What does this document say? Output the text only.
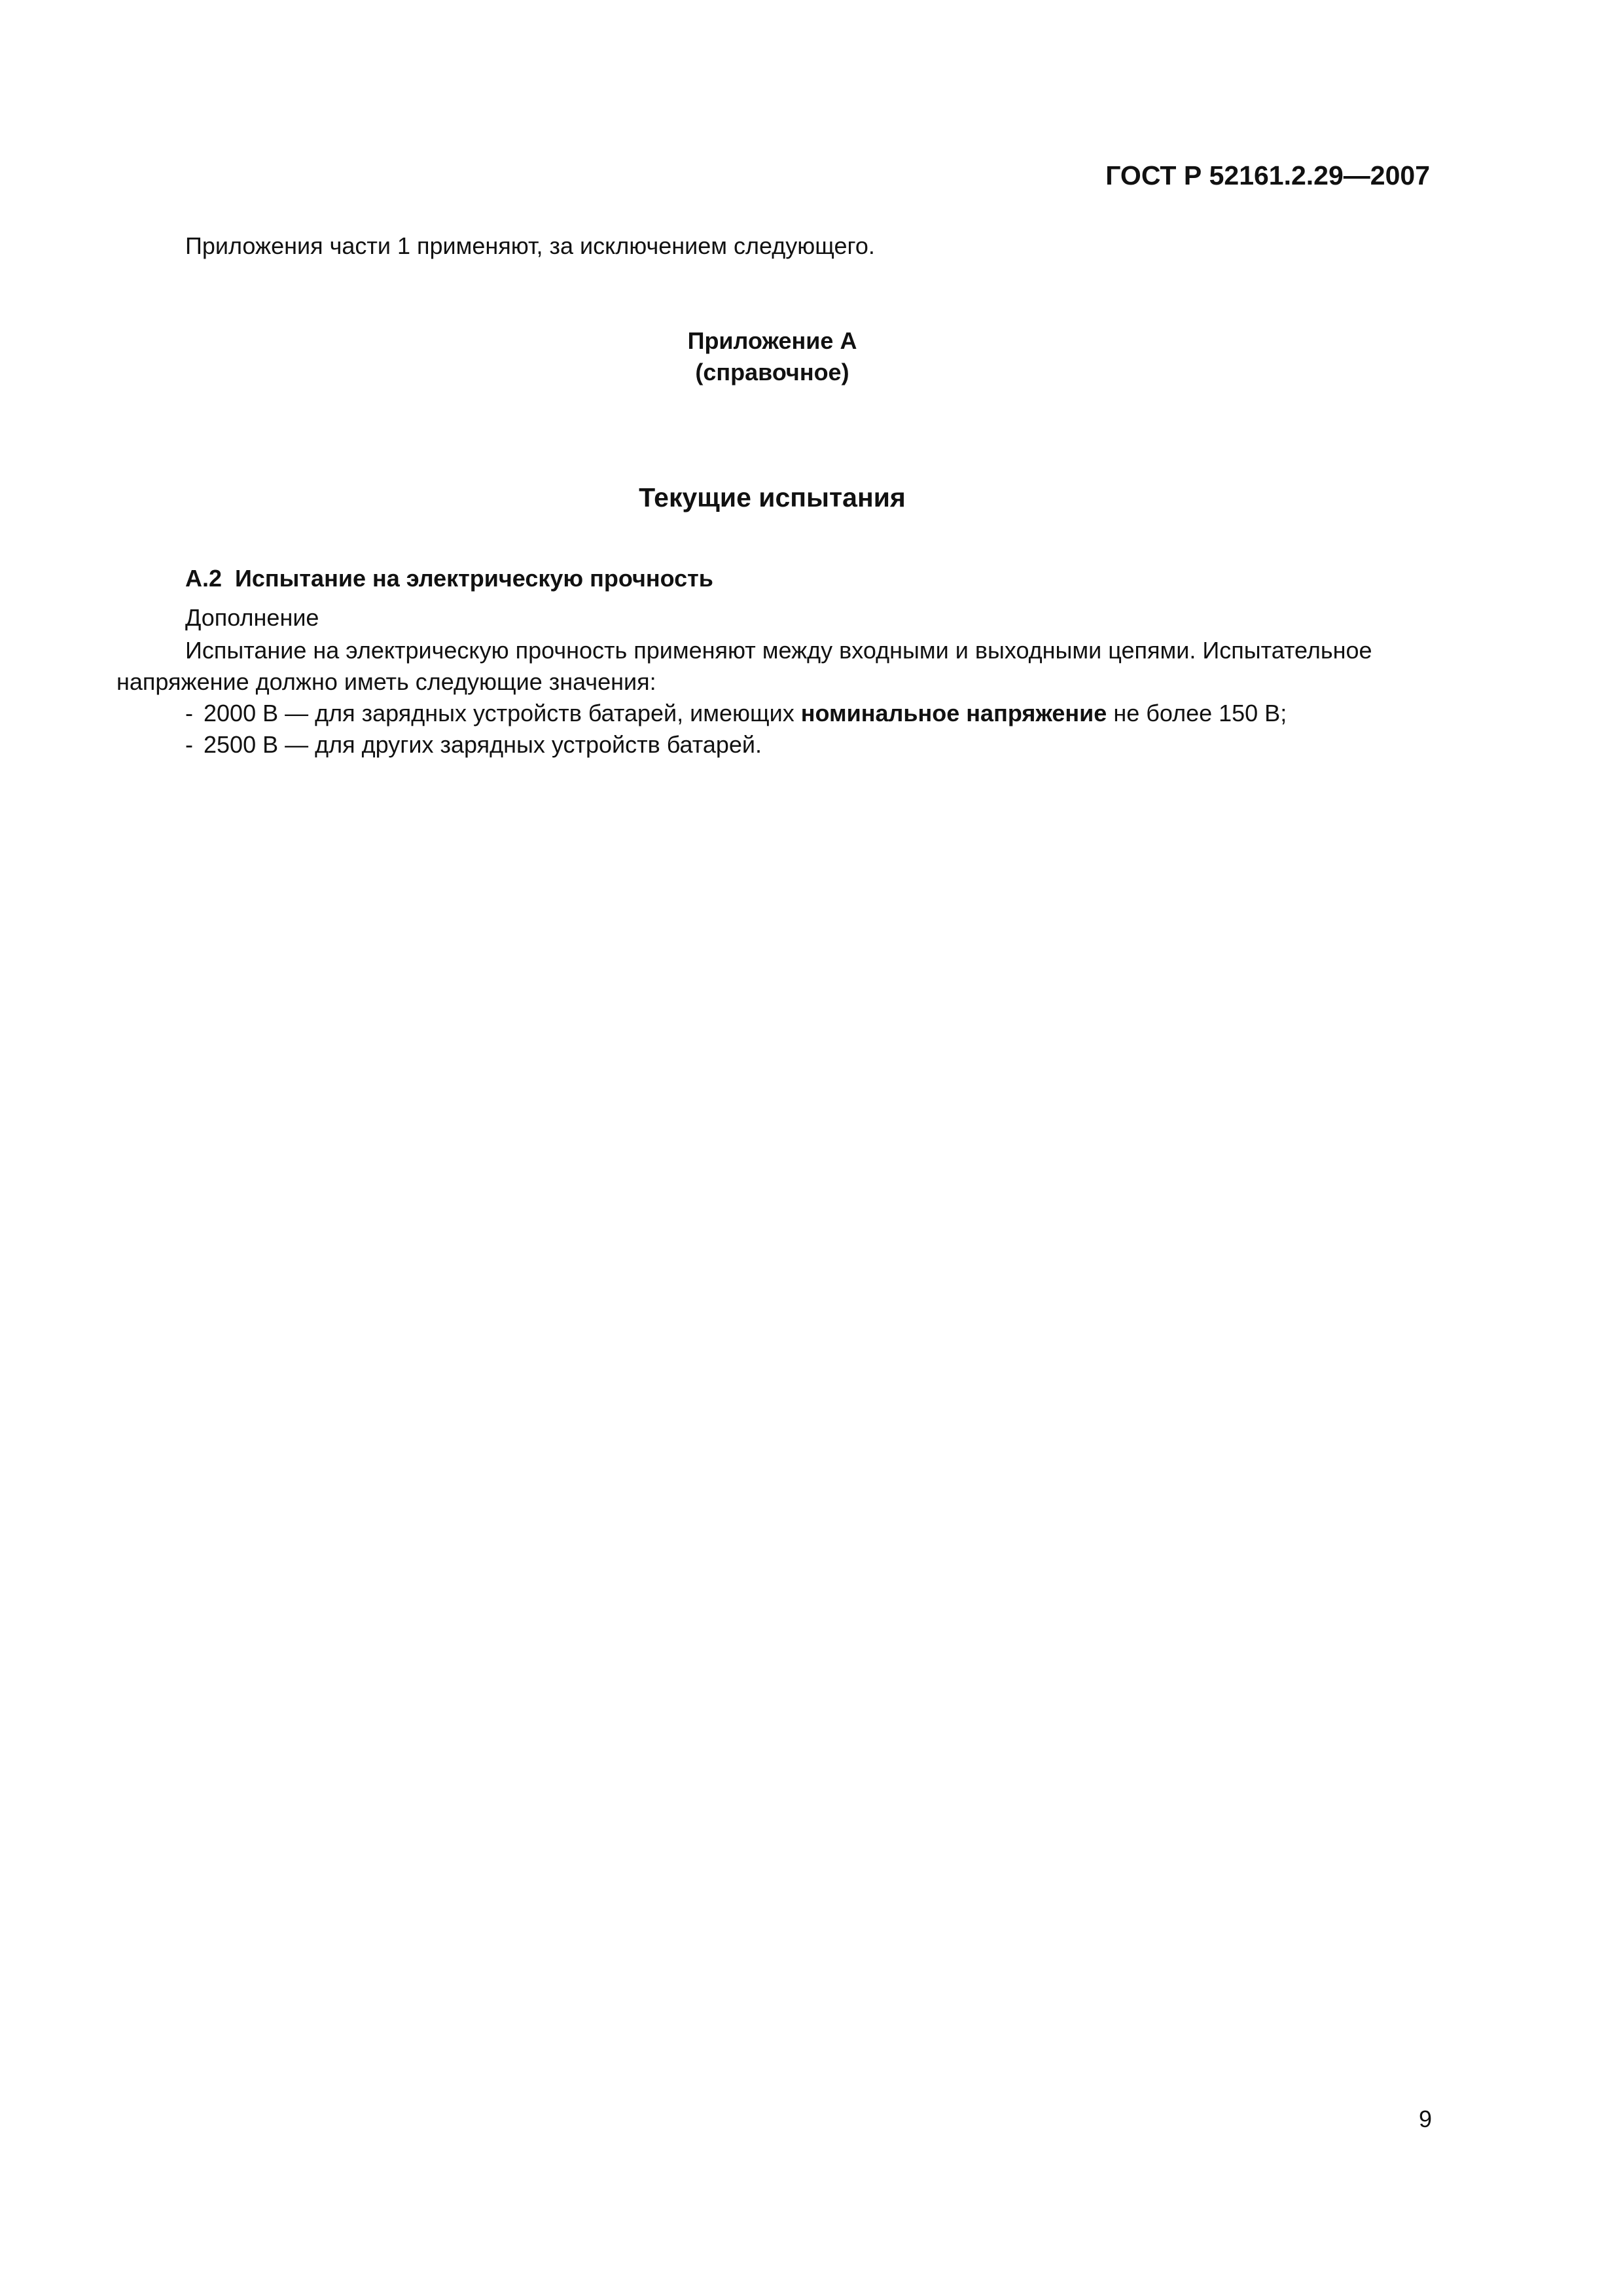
ГОСТ Р 52161.2.29—2007
Приложения части 1 применяют, за исключением следующего.
Приложение А
(справочное)
Текущие испытания
А.2 Испытание на электрическую прочность
Дополнение
Испытание на электрическую прочность применяют между входными и выходными цепями. Испытательное
напряжение должно иметь следующие значения:
- 2000 В — для зарядных устройств батарей, имеющих номинальное напряжение не более 150 В;
- 2500 В — для других зарядных устройств батарей.
9
